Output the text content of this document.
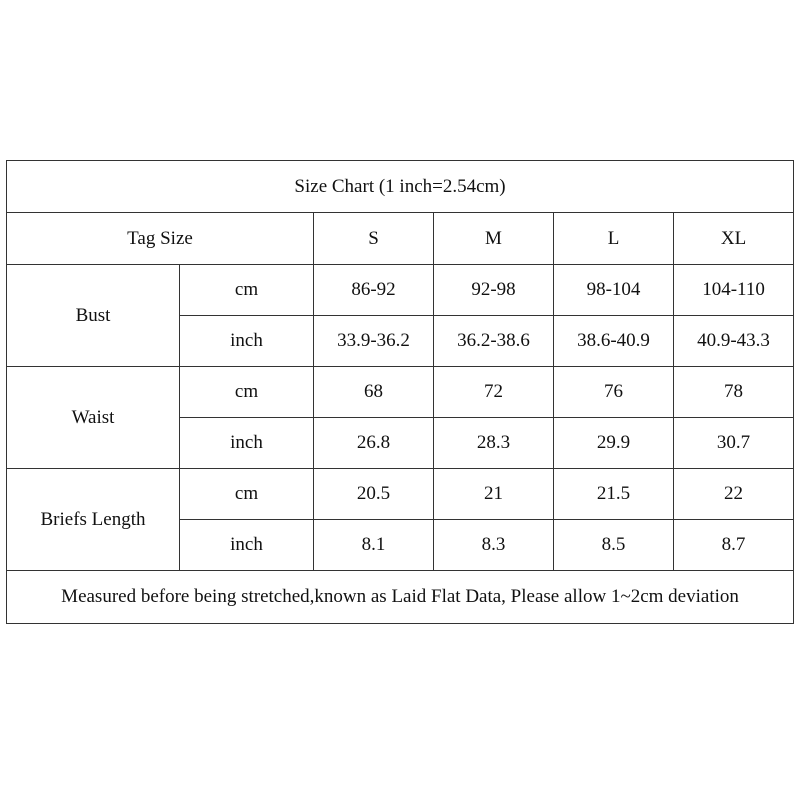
Size Chart (1 inch=2.54cm)					
Tag Size		S	M	L	XL
Bust	cm	86-92	92-98	98-104	104-110
	inch	33.9-36.2	36.2-38.6	38.6-40.9	40.9-43.3
Waist	cm	68	72	76	78
	inch	26.8	28.3	29.9	30.7
Briefs Length	cm	20.5	21	21.5	22
	inch	8.1	8.3	8.5	8.7
Measured before being stretched,known as Laid Flat Data, Please allow 1~2cm deviation					
